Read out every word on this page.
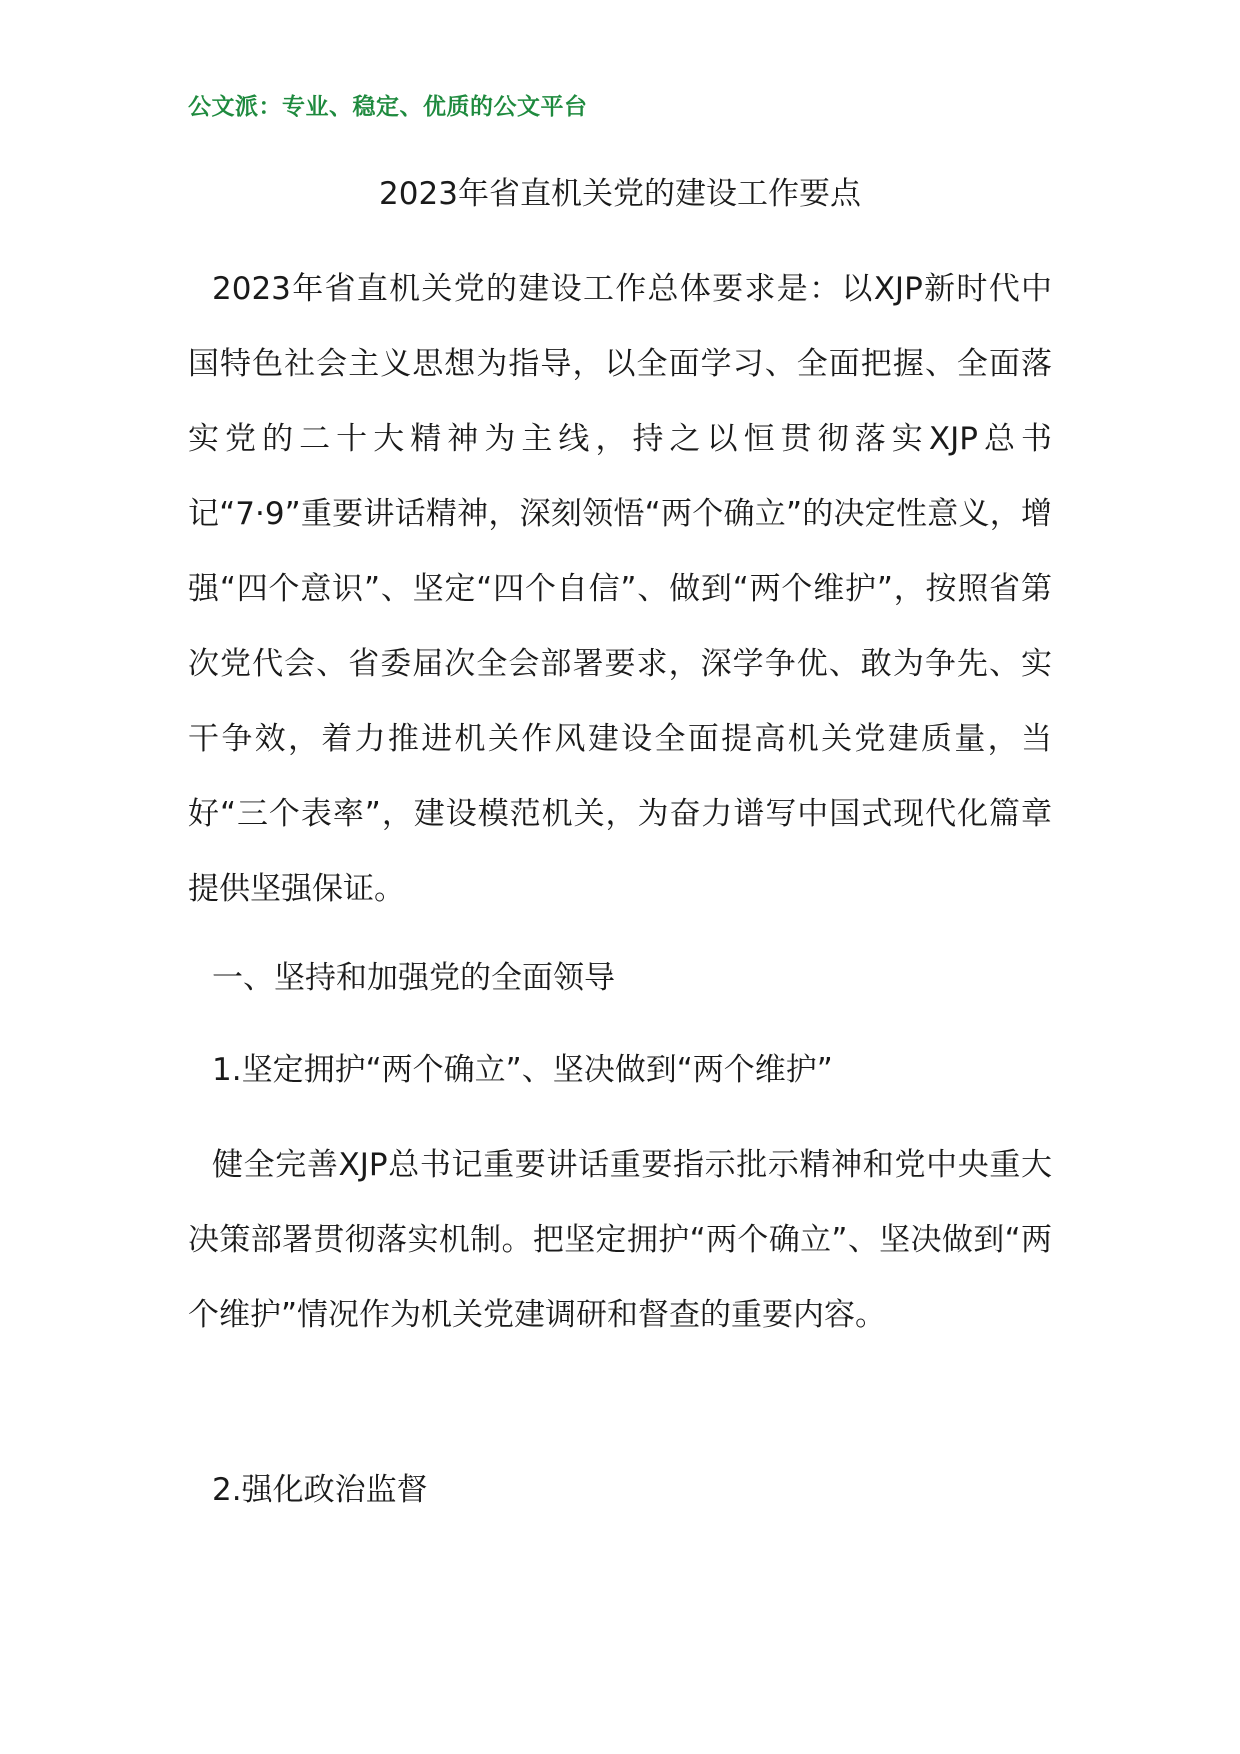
公文派：专业、稳定、优质的公文平台
2023年省直机关党的建设工作要点

2023年省直机关党的建设工作总体要求是：以XJP新时代中国特色社会主义思想为指导，以全面学习、全面把握、全面落实党的二十大精神为主线，持之以恒贯彻落实XJP总书记“7·9”重要讲话精神，深刻领悟“两个确立”的决定性意义，增强“四个意识”、坚定“四个自信”、做到“两个维护”，按照省第次党代会、省委届次全会部署要求，深学争优、敢为争先、实干争效，着力推进机关作风建设全面提高机关党建质量，当好“三个表率”，建设模范机关，为奋力谱写中国式现代化篇章提供坚强保证。

一、坚持和加强党的全面领导

1.坚定拥护“两个确立”、坚决做到“两个维护”

健全完善XJP总书记重要讲话重要指示批示精神和党中央重大决策部署贯彻落实机制。把坚定拥护“两个确立”、坚决做到“两个维护”情况作为机关党建调研和督查的重要内容。

2.强化政治监督
